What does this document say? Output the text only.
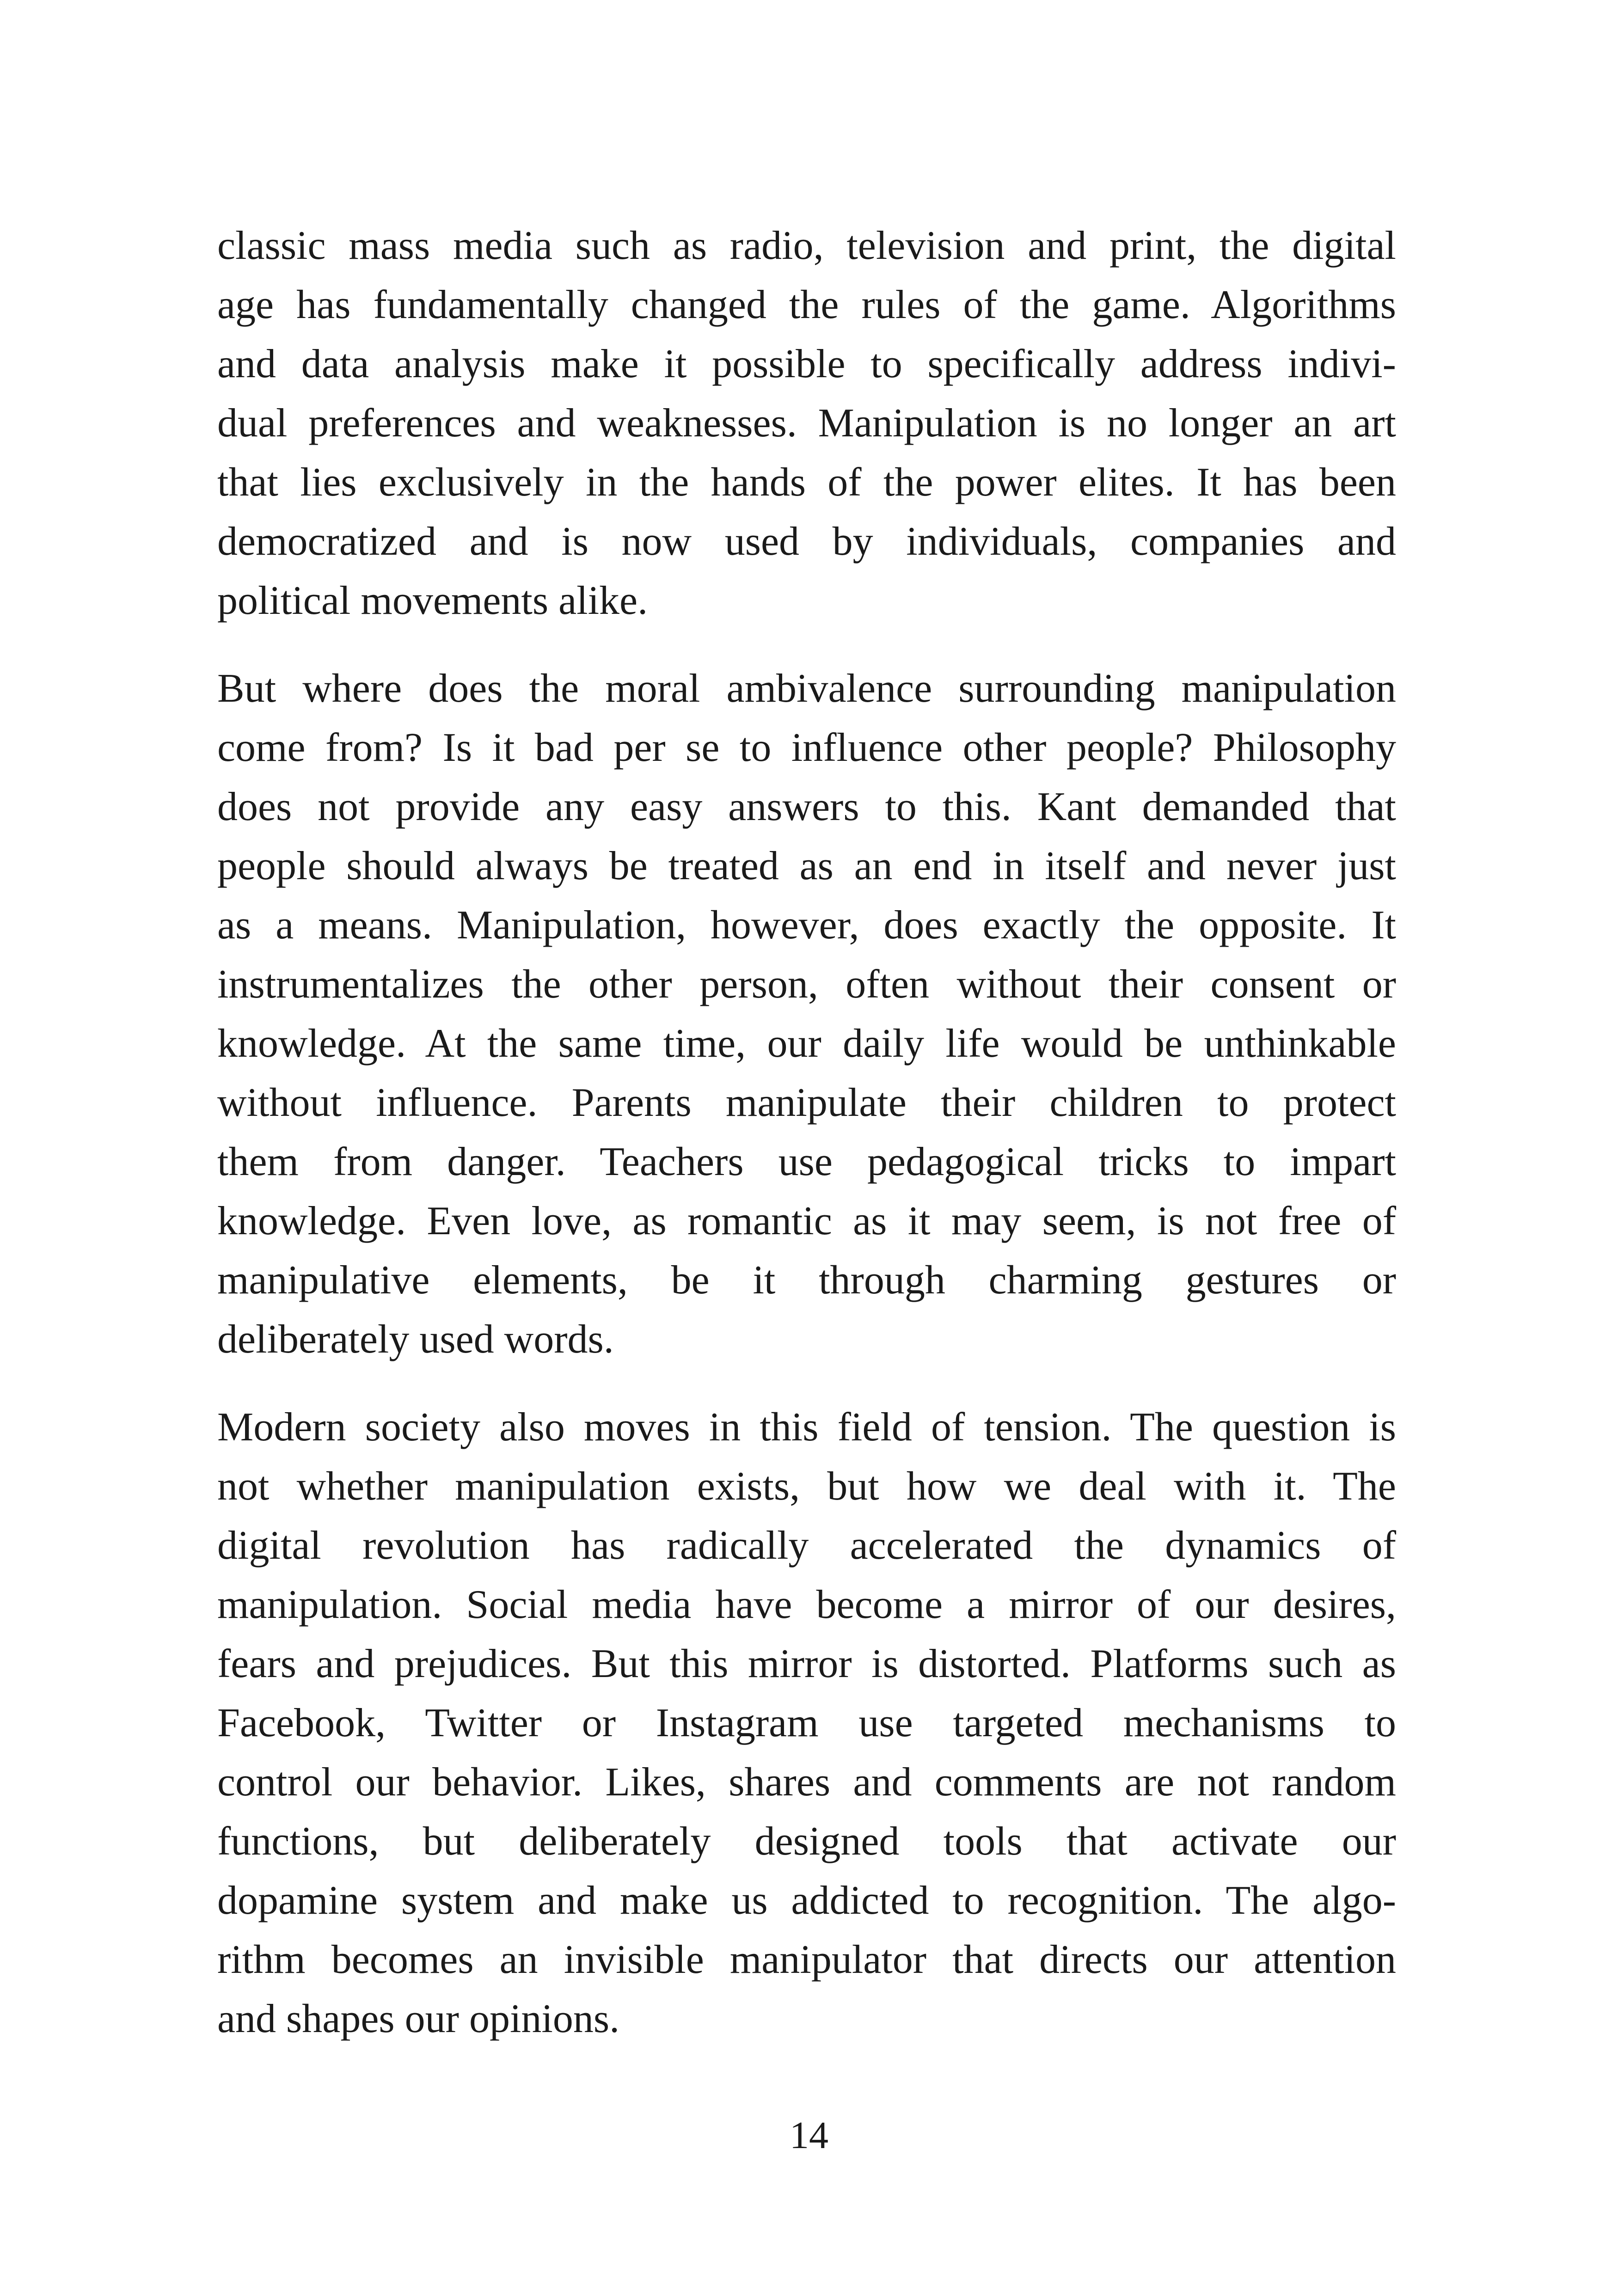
classic mass media such as radio, television and print, the digital
age has fundamentally changed the rules of the game. Algorithms
and data analysis make it possible to specifically address indivi-
dual preferences and weaknesses. Manipulation is no longer an art
that lies exclusively in the hands of the power elites. It has been
democratized and is now used by individuals, companies and
political movements alike.
But where does the moral ambivalence surrounding manipulation
come from? Is it bad per se to influence other people? Philosophy
does not provide any easy answers to this. Kant demanded that
people should always be treated as an end in itself and never just
as a means. Manipulation, however, does exactly the opposite. It
instrumentalizes the other person, often without their consent or
knowledge. At the same time, our daily life would be unthinkable
without influence. Parents manipulate their children to protect
them from danger. Teachers use pedagogical tricks to impart
knowledge. Even love, as romantic as it may seem, is not free of
manipulative elements, be it through charming gestures or
deliberately used words.
Modern society also moves in this field of tension. The question is
not whether manipulation exists, but how we deal with it. The
digital revolution has radically accelerated the dynamics of
manipulation. Social media have become a mirror of our desires,
fears and prejudices. But this mirror is distorted. Platforms such as
Facebook, Twitter or Instagram use targeted mechanisms to
control our behavior. Likes, shares and comments are not random
functions, but deliberately designed tools that activate our
dopamine system and make us addicted to recognition. The algo-
rithm becomes an invisible manipulator that directs our attention
and shapes our opinions.
14
